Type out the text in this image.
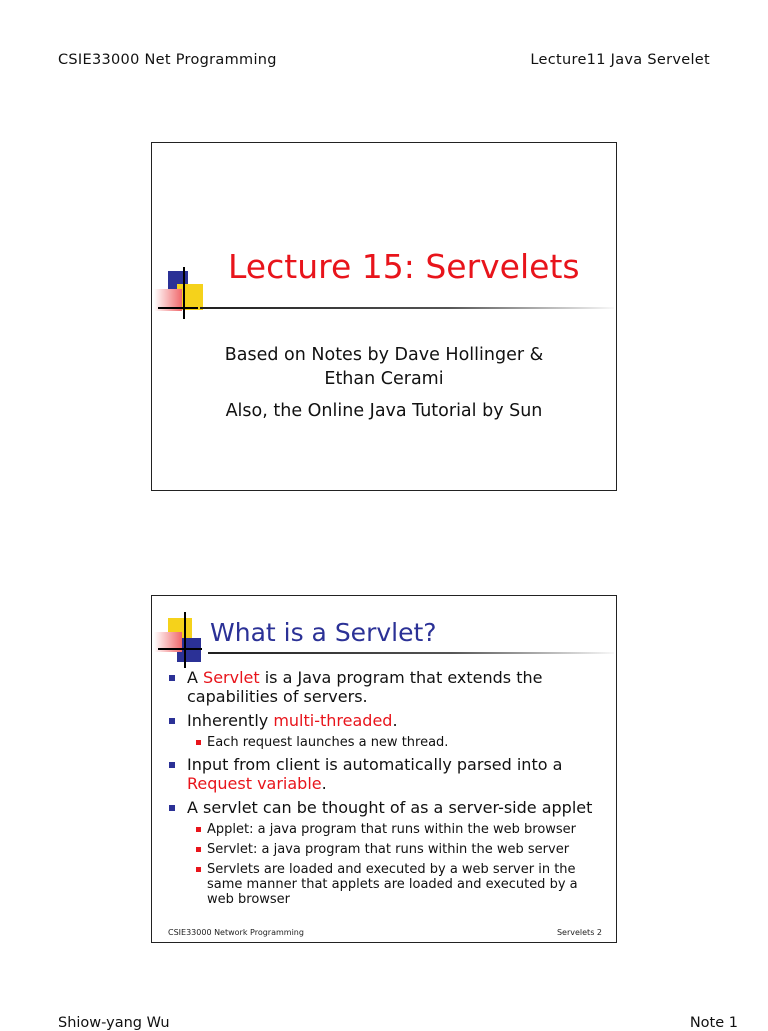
CSIE33000 Net Programming	Lecture11 Java Servelet
Lecture 15: Servelets
Based on Notes by Dave Hollinger &
Ethan Cerami
Also, the Online Java Tutorial by Sun
What is a Servlet?
A Servlet is a Java program that extends the capabilities of servers.
Inherently multi-threaded.
Each request launches a new thread.
Input from client is automatically parsed into a Request variable.
A servlet can be thought of as a server-side applet
Applet: a java program that runs within the web browser
Servlet: a java program that runs within the web server
Servlets are loaded and executed by a web server in the same manner that applets are loaded and executed by a web browser
CSIE33000 Network Programming	Servelets 2
Shiow-yang Wu	Note 1
